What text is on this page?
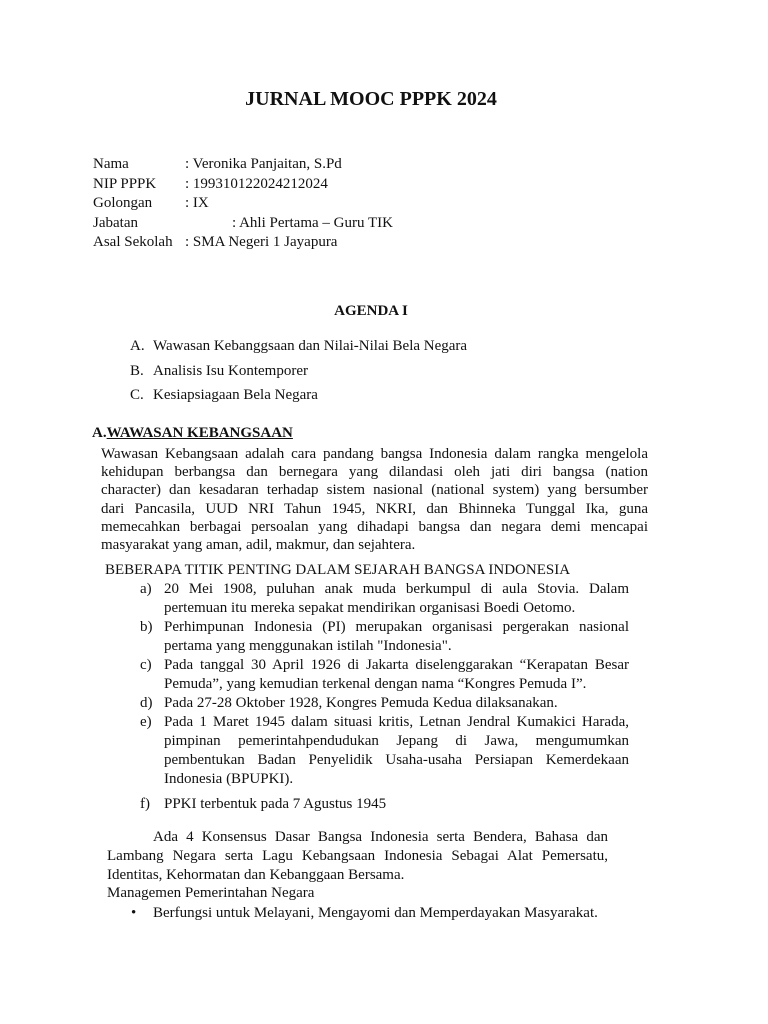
JURNAL MOOC PPPK 2024
Nama	: Veronika Panjaitan, S.Pd
NIP PPPK : 199310122024212024
Golongan : IX
Jabatan	: Ahli Pertama – Guru TIK
Asal Sekolah : SMA Negeri 1 Jayapura
AGENDA I
A. Wawasan Kebanggsaan dan Nilai-Nilai Bela Negara
B. Analisis Isu Kontemporer
C. Kesiapsiagaan Bela Negara
A.WAWASAN KEBANGSAAN
Wawasan Kebangsaan adalah cara pandang bangsa Indonesia dalam rangka mengelola
kehidupan berbangsa dan bernegara yang dilandasi oleh jati diri bangsa (nation
character) dan kesadaran terhadap sistem nasional (national system) yang bersumber
dari Pancasila, UUD NRI Tahun 1945, NKRI, dan Bhinneka Tunggal Ika, guna
memecahkan berbagai persoalan yang dihadapi bangsa dan negara demi mencapai
masyarakat yang aman, adil, makmur, dan sejahtera.
BEBERAPA TITIK PENTING DALAM SEJARAH BANGSA INDONESIA
a) 20 Mei 1908, puluhan anak muda berkumpul di aula Stovia. Dalam
pertemuan itu mereka sepakat mendirikan organisasi Boedi Oetomo.
b) Perhimpunan Indonesia (PI) merupakan organisasi pergerakan nasional
pertama yang menggunakan istilah "Indonesia".
c) Pada tanggal 30 April 1926 di Jakarta diselenggarakan “Kerapatan Besar
Pemuda”, yang kemudian terkenal dengan nama “Kongres Pemuda I”.
d) Pada 27-28 Oktober 1928, Kongres Pemuda Kedua dilaksanakan.
e) Pada 1 Maret 1945 dalam situasi kritis, Letnan Jendral Kumakici Harada,
pimpinan pemerintahpendudukan Jepang di Jawa, mengumumkan
pembentukan Badan Penyelidik Usaha-usaha Persiapan Kemerdekaan
Indonesia (BPUPKI).
f) PPKI terbentuk pada 7 Agustus 1945
Ada 4 Konsensus Dasar Bangsa Indonesia serta Bendera, Bahasa dan
Lambang Negara serta Lagu Kebangsaan Indonesia Sebagai Alat Pemersatu,
Identitas, Kehormatan dan Kebanggaan Bersama.
Managemen Pemerintahan Negara
• Berfungsi untuk Melayani, Mengayomi dan Memperdayakan Masyarakat.
